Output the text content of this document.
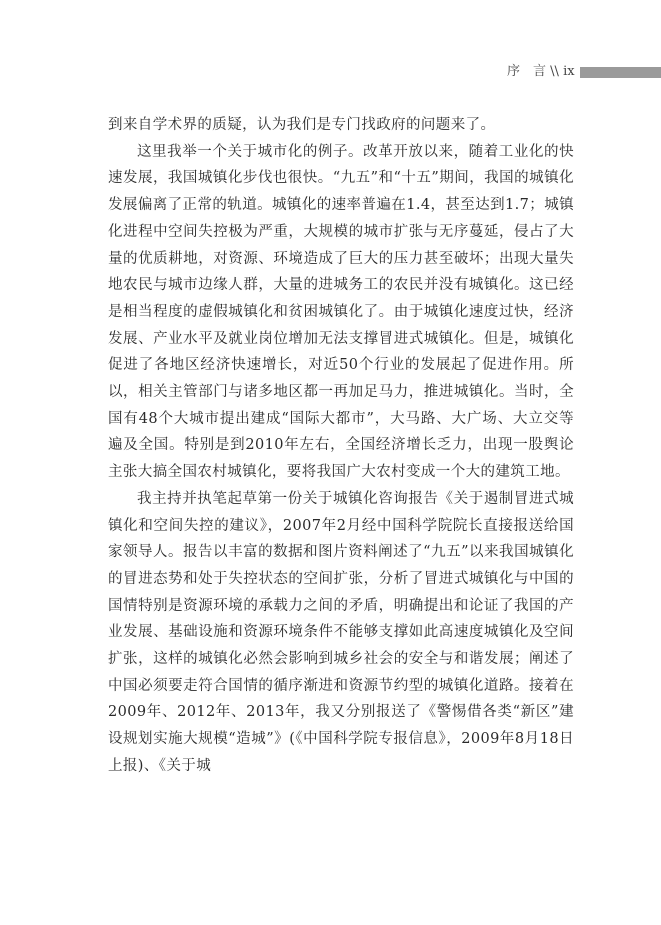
序　言 \\ ix

到来自学术界的质疑，认为我们是专门找政府的问题来了。

这里我举一个关于城市化的例子。改革开放以来，随着工业化的快速发展，我国城镇化步伐也很快。“九五”和“十五”期间，我国的城镇化发展偏离了正常的轨道。城镇化的速率普遍在1.4，甚至达到1.7；城镇化进程中空间失控极为严重，大规模的城市扩张与无序蔓延，侵占了大量的优质耕地，对资源、环境造成了巨大的压力甚至破坏；出现大量失地农民与城市边缘人群，大量的进城务工的农民并没有城镇化。这已经是相当程度的虚假城镇化和贫困城镇化了。由于城镇化速度过快，经济发展、产业水平及就业岗位增加无法支撑冒进式城镇化。但是，城镇化促进了各地区经济快速增长，对近50个行业的发展起了促进作用。所以，相关主管部门与诸多地区都一再加足马力，推进城镇化。当时，全国有48个大城市提出建成“国际大都市”，大马路、大广场、大立交等遍及全国。特别是到2010年左右，全国经济增长乏力，出现一股舆论主张大搞全国农村城镇化，要将我国广大农村变成一个大的建筑工地。

我主持并执笔起草第一份关于城镇化咨询报告《关于遏制冒进式城镇化和空间失控的建议》，2007年2月经中国科学院院长直接报送给国家领导人。报告以丰富的数据和图片资料阐述了“九五”以来我国城镇化的冒进态势和处于失控状态的空间扩张，分析了冒进式城镇化与中国的国情特别是资源环境的承载力之间的矛盾，明确提出和论证了我国的产业发展、基础设施和资源环境条件不能够支撑如此高速度城镇化及空间扩张，这样的城镇化必然会影响到城乡社会的安全与和谐发展；阐述了中国必须要走符合国情的循序渐进和资源节约型的城镇化道路。接着在2009年、2012年、2013年，我又分别报送了《警惕借各类“新区”建设规划实施大规模“造城”》(《中国科学院专报信息》，2009年8月18日上报)、《关于城
